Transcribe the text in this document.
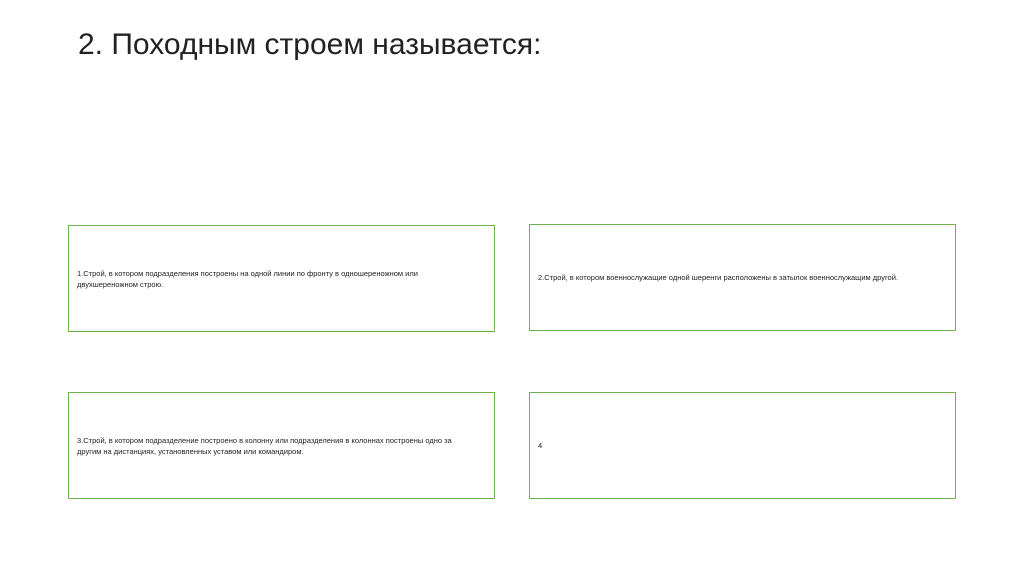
2. Походным строем называется:
1.Строй, в котором подразделения построены на одной линии по фронту в одношереножном или двухшереножном строю.
2.Строй, в котором военнослужащие одной шеренги расположены в затылок военнослужащим другой.
3.Строй, в котором подразделение построено в колонну или подразделения в колоннах построены одно за другим на дистанциях, установленных уставом или командиром.
4
